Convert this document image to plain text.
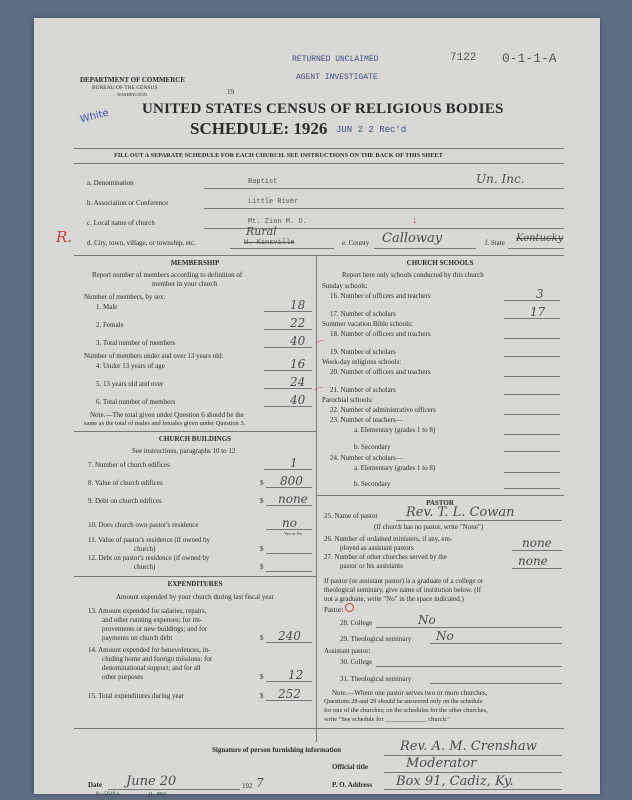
DEPARTMENT OF COMMERCE
BUREAU OF THE CENSUS
WASHINGTON	19
RETURNED UNCLAIMED
AGENT INVESTIGATE
7122 0-1-1-A
White UNITED STATES CENSUS OF RELIGIOUS BODIES
SCHEDULE: 1926 JUN 2 2 Rec'd
FILL OUT A SEPARATE SCHEDULE FOR EACH CHURCH. SEE INSTRUCTIONS ON THE BACK OF THIS SHEET
a. Denomination	Baptist	Un. Inc.
b. Association or Conference	Little River
c. Local name of church	Mt. Zion M. O.
R. d. City, town, village, or township, etc.	W. Kinsville
Rural
e. County Calloway
↓
f. State Kentucky
MEMBERSHIP
Report number of members according to definition of
member in your church
Number of members, by sex:
1. Male	18
2. Female	22
3. Total number of members	40
Number of members under and over 13 years old:
4. Under 13 years of age	16
5. 13 years old and over	24
6. Total number of members	40
Note.—The total given under Question 6 should be the
same as the total of males and females given under Question 3.
CHURCH BUILDINGS
See instructions, paragraphs 10 to 12
7. Number of church edifices	1
8. Value of church edifices	$ 800
9. Debt on church edifices	$ none
10. Does church own pastor's residence	no
Yes or No
11. Value of pastor's residence (if owned by
church)	$
12. Debt on pastor's residence (if owned by
church)	$
EXPENDITURES
Amount expended by your church during last fiscal year
13. Amount expended for salaries, repairs,
and other running expenses; for im-
provements or new buildings; and for
payments on church debt	$ 240
14. Amount expended for benevolences, in-
cluding home and foreign missions; for
denominational support; and for all
other purposes	$ 12
15. Total expenditures during year	$ 252
CHURCH SCHOOLS
Report here only schools conducted by this church
Sunday schools:
16. Number of officers and teachers	3
17. Number of scholars	17
Summer vacation Bible schools:
18. Number of officers and teachers
19. Number of scholars
Week-day religious schools:
20. Number of officers and teachers
21. Number of scholars
Parochial schools:
22. Number of administrative officers
23. Number of teachers—
a. Elementary (grades 1 to 8)
b. Secondary
24. Number of scholars—
a. Elementary (grades 1 to 8)
b. Secondary
PASTOR
25. Name of pastor Rev. T. L. Cowan
(If church has no pastor, write "None")
26. Number of ordained ministers, if any, em-
ployed as assistant pastors	none
27. Number of other churches served by the
pastor or his assistants	none
If pastor (or assistant pastor) is a graduate of a college or
theological seminary, give name of institution below. (If
not a graduate, write "No" in the space indicated.)
Pastor:
28. College	No
29. Theological seminary No
Assistant pastor:
30. College
31. Theological seminary
Note.—Where one pastor serves two or more churches,
Questions 28 and 29 should be answered only on the schedule
for one of the churches; on the schedules for the other churches,
write "See schedule for _____________ church."
Signature of person furnishing information	Rev. A. M. Crenshaw
Official title	Moderator
Date June 20	192 7	P. O. Address Box 91, Cadiz, Ky.
8—5619 a	11—9864
⌒
⌒
